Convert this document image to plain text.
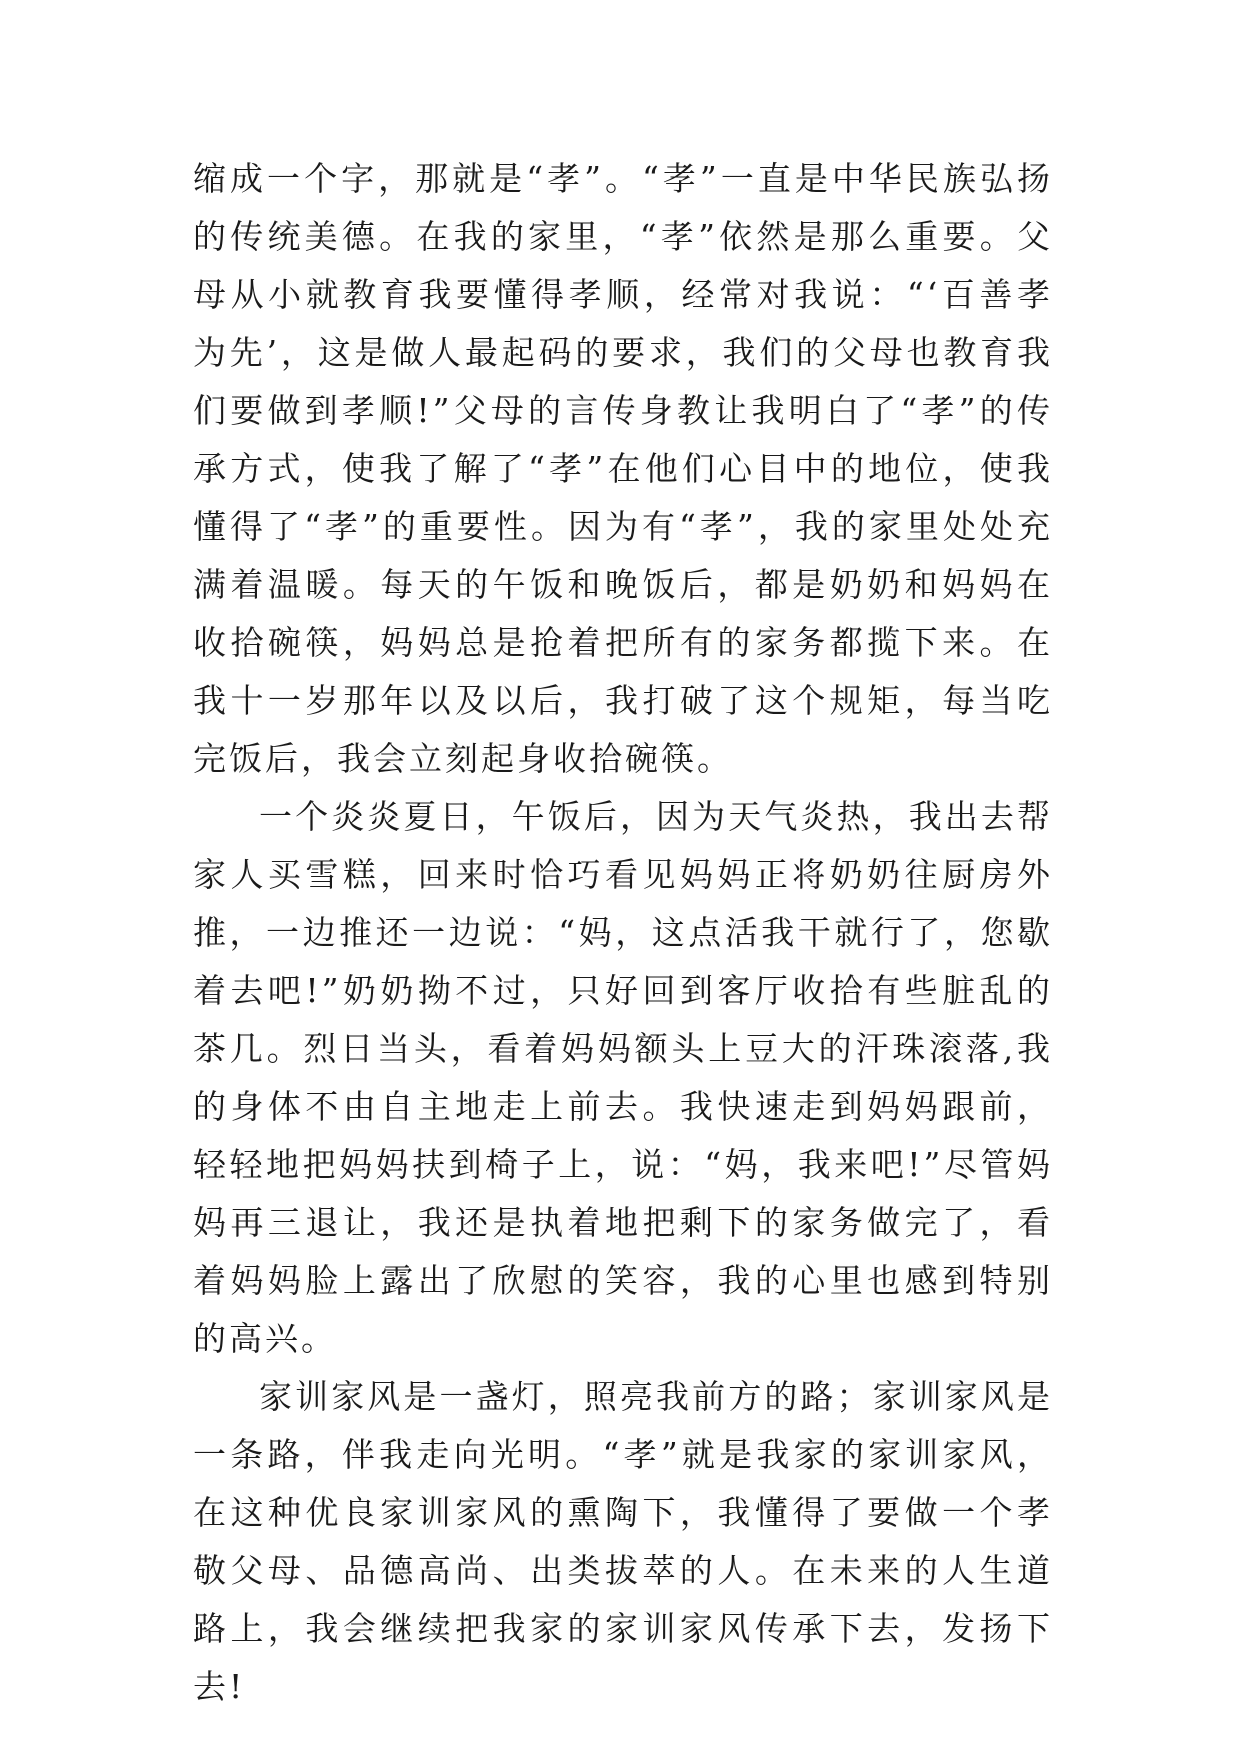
缩成一个字，那就是“孝”。“孝”一直是中华民族弘扬的传统美德。在我的家里，“孝”依然是那么重要。父母从小就教育我要懂得孝顺，经常对我说：“‘百善孝为先’，这是做人最起码的要求，我们的父母也教育我们要做到孝顺!”父母的言传身教让我明白了“孝”的传承方式，使我了解了“孝”在他们心目中的地位，使我懂得了“孝”的重要性。因为有“孝”，我的家里处处充满着温暖。每天的午饭和晚饭后，都是奶奶和妈妈在收拾碗筷，妈妈总是抢着把所有的家务都揽下来。在我十一岁那年以及以后，我打破了这个规矩，每当吃完饭后，我会立刻起身收拾碗筷。

一个炎炎夏日，午饭后，因为天气炎热，我出去帮家人买雪糕，回来时恰巧看见妈妈正将奶奶往厨房外推，一边推还一边说：“妈，这点活我干就行了，您歇着去吧!”奶奶拗不过，只好回到客厅收拾有些脏乱的茶几。烈日当头，看着妈妈额头上豆大的汗珠滚落,我的身体不由自主地走上前去。我快速走到妈妈跟前，轻轻地把妈妈扶到椅子上，说：“妈，我来吧!”尽管妈妈再三退让，我还是执着地把剩下的家务做完了，看着妈妈脸上露出了欣慰的笑容，我的心里也感到特别的高兴。

家训家风是一盏灯，照亮我前方的路；家训家风是一条路，伴我走向光明。“孝”就是我家的家训家风，在这种优良家训家风的熏陶下，我懂得了要做一个孝敬父母、品德高尚、出类拔萃的人。在未来的人生道路上，我会继续把我家的家训家风传承下去，发扬下去!
